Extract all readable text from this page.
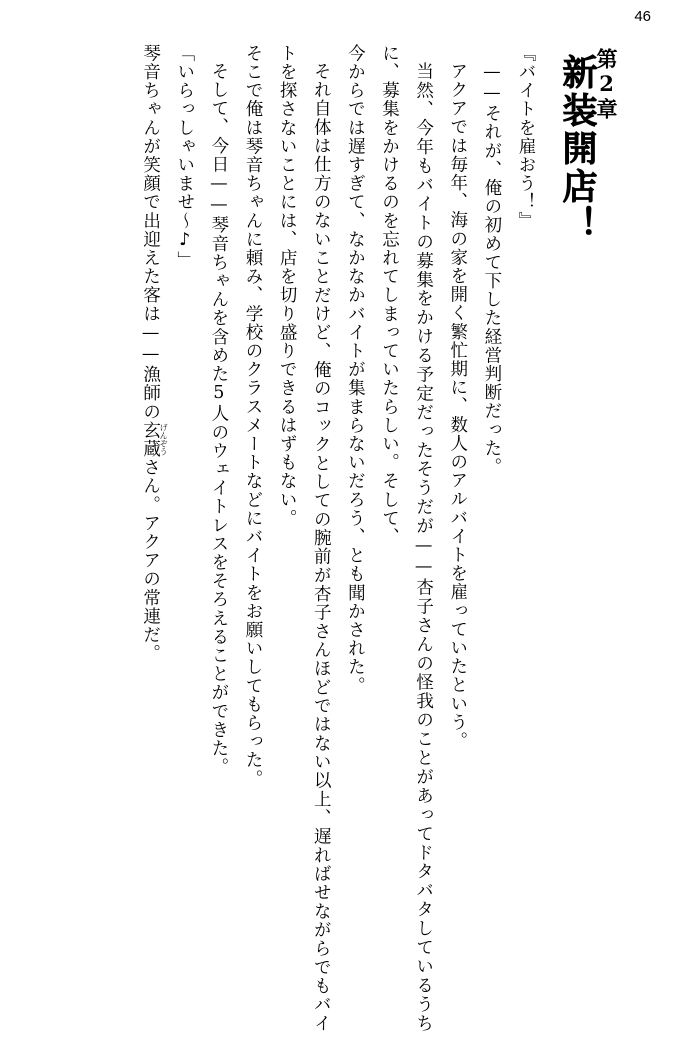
46
第2章
新装開店！

『バイトを雇おう！』

——それが、俺の初めて下した経営判断だった。

アクアでは毎年、海の家を開く繁忙期に、数人のアルバイトを雇っていたという。

当然、今年もバイトの募集をかける予定だったそうだが——杏子さんの怪我のことがあってドタバタしているうちに、募集をかけるのを忘れてしまっていたらしい。そして、

今からでは遅すぎて、なかなかバイトが集まらないだろう、とも聞かされた。

それ自体は仕方のないことだけど、俺のコックとしての腕前が杏子さんほどではない以上、遅ればせながらでもバイトを探さないことには、店を切り盛りできるはずもない。

そこで俺は琴音ちゃんに頼み、学校のクラスメートなどにバイトをお願いしてもらった。

そして、今日——琴音ちゃんを含めた5人のウェイトレスをそろえることができた。

「いらっしゃいませ〜♪」

琴音ちゃんが笑顔で出迎えた客は——漁師の玄蔵げんぞうさん。アクアの常連だ。
